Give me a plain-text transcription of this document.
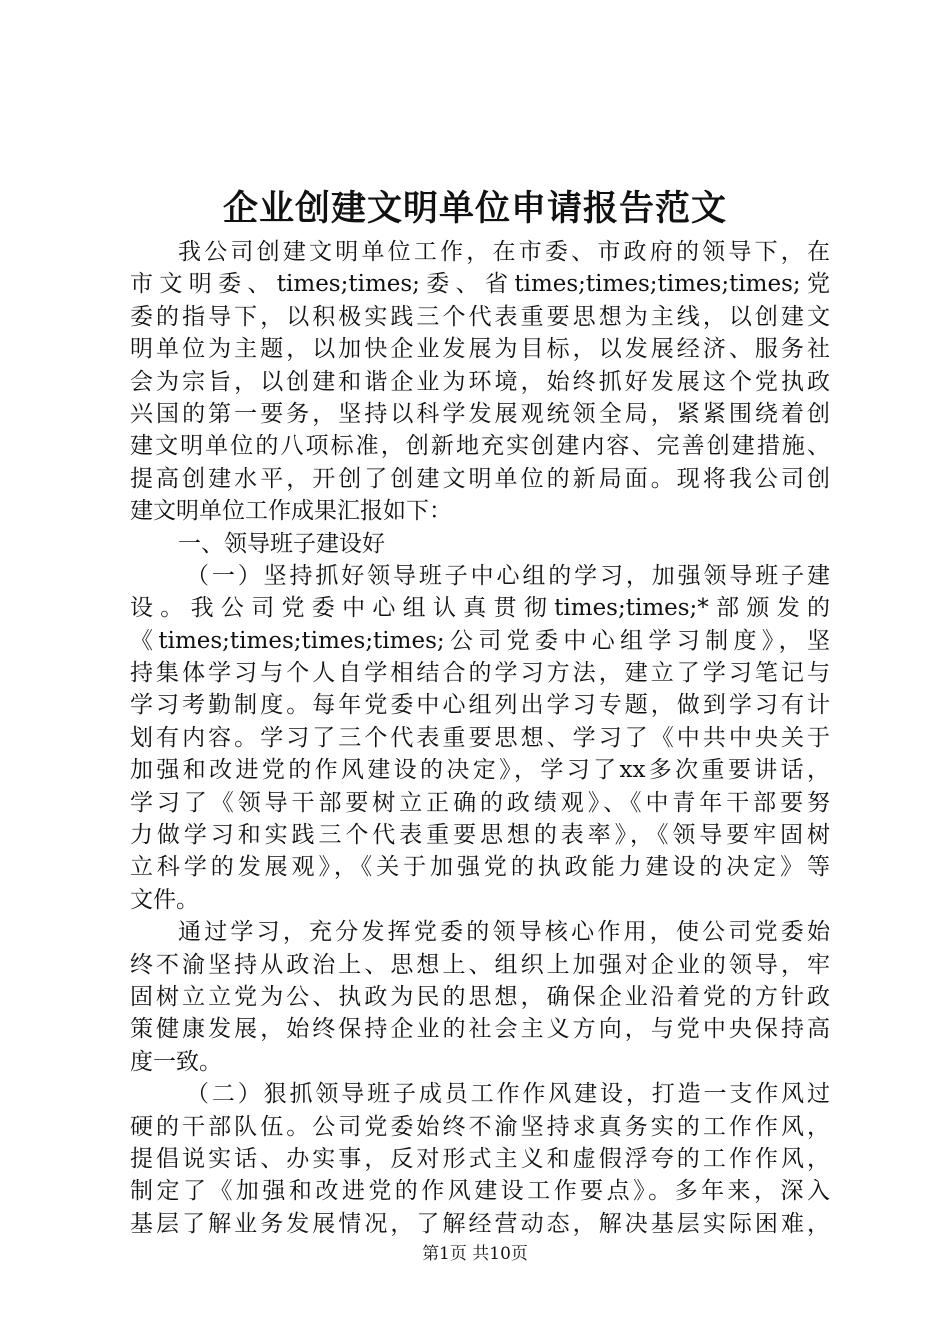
企业创建文明单位申请报告范文
我公司创建文明单位工作，在市委、市政府的领导下，在
市文明委、times;times;委、省times;times;times;times;党
委的指导下，以积极实践三个代表重要思想为主线，以创建文
明单位为主题，以加快企业发展为目标，以发展经济、服务社
会为宗旨，以创建和谐企业为环境，始终抓好发展这个党执政
兴国的第一要务，坚持以科学发展观统领全局，紧紧围绕着创
建文明单位的八项标准，创新地充实创建内容、完善创建措施、
提高创建水平，开创了创建文明单位的新局面。现将我公司创
建文明单位工作成果汇报如下：
一、领导班子建设好
（一）坚持抓好领导班子中心组的学习，加强领导班子建
设。我公司党委中心组认真贯彻times;times;*部颁发的
《times;times;times;times;公司党委中心组学习制度》，坚
持集体学习与个人自学相结合的学习方法，建立了学习笔记与
学习考勤制度。每年党委中心组列出学习专题，做到学习有计
划有内容。学习了三个代表重要思想、学习了《中共中央关于
加强和改进党的作风建设的决定》，学习了xx多次重要讲话，
学习了《领导干部要树立正确的政绩观》、《中青年干部要努
力做学习和实践三个代表重要思想的表率》，《领导要牢固树
立科学的发展观》，《关于加强党的执政能力建设的决定》等
文件。
通过学习，充分发挥党委的领导核心作用，使公司党委始
终不渝坚持从政治上、思想上、组织上加强对企业的领导，牢
固树立立党为公、执政为民的思想，确保企业沿着党的方针政
策健康发展，始终保持企业的社会主义方向，与党中央保持高
度一致。
（二）狠抓领导班子成员工作作风建设，打造一支作风过
硬的干部队伍。公司党委始终不渝坚持求真务实的工作作风，
提倡说实话、办实事，反对形式主义和虚假浮夸的工作作风，
制定了《加强和改进党的作风建设工作要点》。多年来，深入
基层了解业务发展情况，了解经营动态，解决基层实际困难，
第1页 共10页
